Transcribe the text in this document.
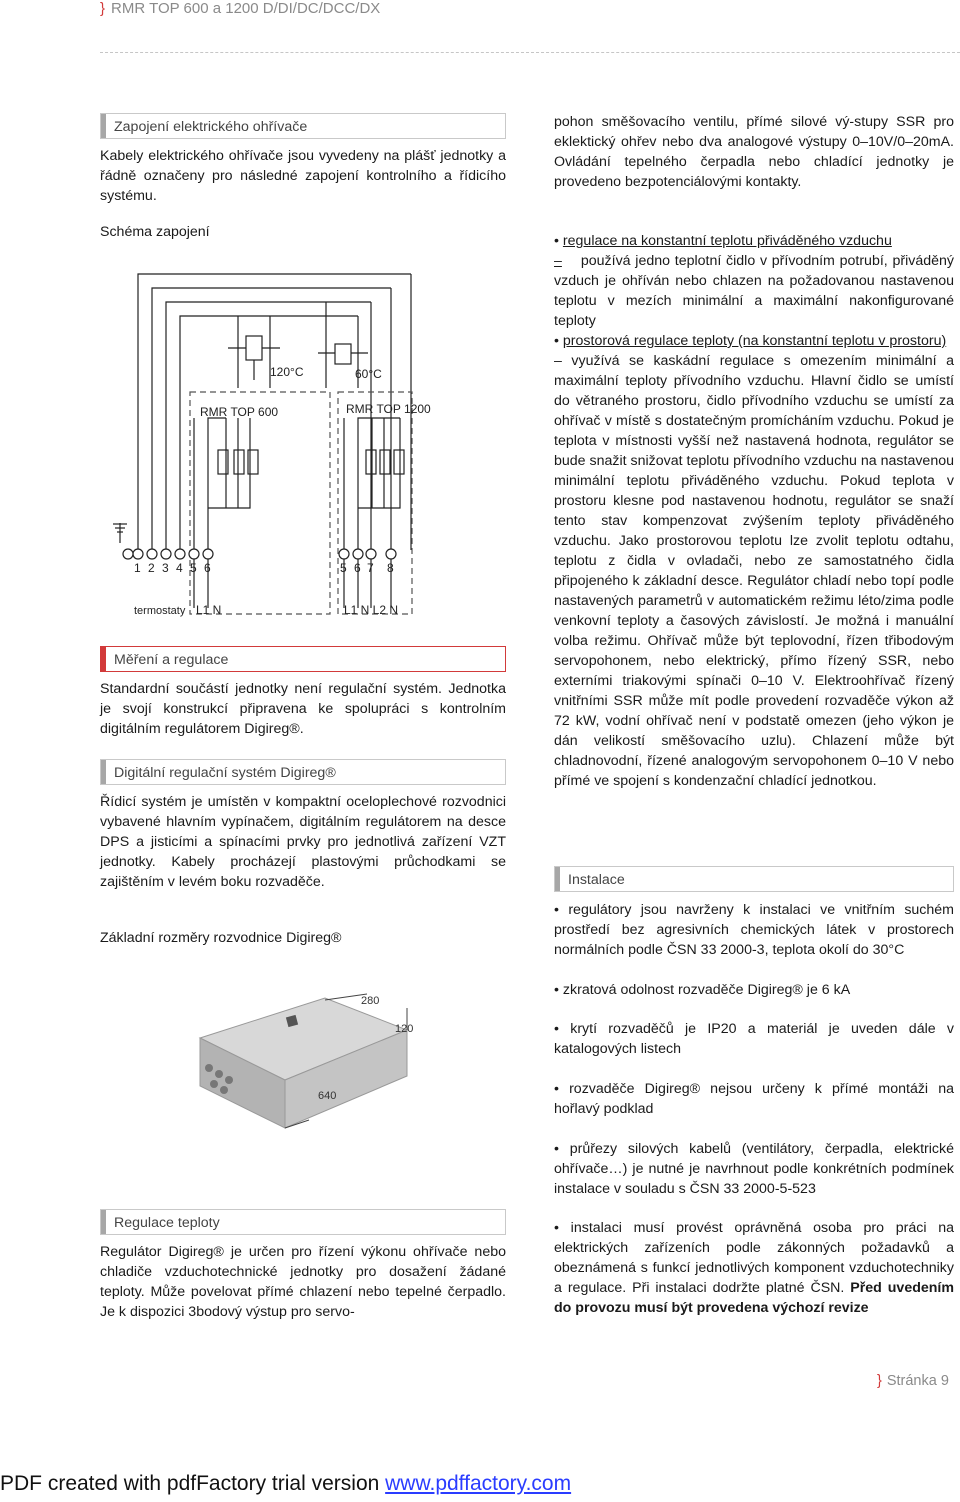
} RMR TOP 600 a 1200 D/DI/DC/DCC/DX
Zapojení elektrického ohřívače
Kabely elektrického ohřívače jsou vyvedeny na plášť jednotky a řádně označeny pro následné zapojení kontrolního a řídicího systému.
Schéma zapojení
120°C	60°C
RMR TOP 600	RMR TOP 1200
1 2 3 4 5 6	5 6 7 8
termostaty L1 N	L1 N L2 N
Měření a regulace
Standardní součástí jednotky není regulační systém. Jednotka je svojí konstrukcí připravena ke spolupráci s kontrolním digitálním regulátorem Digireg®.
Digitální regulační systém Digireg®
Řídicí systém je umístěn v kompaktní oceloplechové rozvodnici vybavené hlavním vypínačem, digitálním regulátorem na desce DPS a jisticími a spínacími prvky pro jednotlivá zařízení VZT jednotky. Kabely procházejí plastovými průchodkami se zajištěním v levém boku rozvaděče.
Základní rozměry rozvodnice Digireg®
280
120
640
Regulace teploty
Regulátor Digireg® je určen pro řízení výkonu ohřívače nebo chladiče vzduchotechnické jednotky pro dosažení žádané teploty. Může povelovat přímé chlazení nebo tepelné čerpadlo. Je k dispozici 3bodový výstup pro servo-
pohon směšovacího ventilu, přímé silové vý-stupy SSR pro eklektický ohřev nebo dva analogové výstupy 0–10V/0–20mA. Ovládání tepelného čerpadla nebo chladící jednotky je provedeno bezpotenciálovými kontakty.
• regulace na konstantní teplotu přiváděného vzduchu
– používá jedno teplotní čidlo v přívodním potrubí, přiváděný vzduch je ohříván nebo chlazen na požadovanou nastavenou teplotu v mezích minimální a maximální nakonfigurované teploty
• prostorová regulace teploty (na konstantní teplotu v prostoru)
– využívá se kaskádní regulace s omezením minimální a maximální teploty přívodního vzduchu. Hlavní čidlo se umístí do větraného prostoru, čidlo přívodního vzduchu se umístí za ohřívač v místě s dostatečným promícháním vzduchu. Pokud je teplota v místnosti vyšší než nastavená hodnota, regulátor se bude snažit snižovat teplotu přívodního vzduchu na nastavenou minimální teplotu přiváděného vzduchu. Pokud teplota v prostoru klesne pod nastavenou hodnotu, regulátor se snaží tento stav kompenzovat zvýšením teploty přiváděného vzduchu. Jako prostorovou teplotu lze zvolit teplotu odtahu, teplotu z čidla v ovladači, nebo ze samostatného čidla připojeného k základní desce. Regulátor chladí nebo topí podle nastavených parametrů v automatickém režimu léto/zima podle venkovní teploty a časových závislostí. Je možná i manuální volba režimu. Ohřívač může být teplovodní, řízen třibodovým servopohonem, nebo elektrický, přímo řízený SSR, nebo externími triakovými spínači 0–10 V. Elektroohřívač řízený vnitřními SSR může mít podle provedení rozvaděče výkon až 72 kW, vodní ohřívač není v podstatě omezen (jeho výkon je dán velikostí směšovacího uzlu). Chlazení může být chladnovodní, řízené analogovým servopohonem 0–10 V nebo přímé ve spojení s kondenzační chladící jednotkou.
Instalace
• regulátory jsou navrženy k instalaci ve vnitřním suchém prostředí bez agresivních chemických látek v prostorech normálních podle ČSN 33 2000-3, teplota okolí do 30°C
• zkratová odolnost rozvaděče Digireg® je 6 kA
• krytí rozvaděčů je IP20 a materiál je uveden dále v katalogových listech
• rozvaděče Digireg® nejsou určeny k přímé montáži na hořlavý podklad
• průřezy silových kabelů (ventilátory, čerpadla, elektrické ohřívače…) je nutné je navrhnout podle konkrétních podmínek instalace v souladu s ČSN 33 2000-5-523
• instalaci musí provést oprávněná osoba pro práci na elektrických zařízeních podle zákonných požadavků a obeznámená s funkcí jednotlivých komponent vzduchotechniky a regulace. Při instalaci dodržte platné ČSN. Před uvedením do provozu musí být provedena výchozí revize
} Stránka 9
PDF created with pdfFactory trial version www.pdffactory.com
